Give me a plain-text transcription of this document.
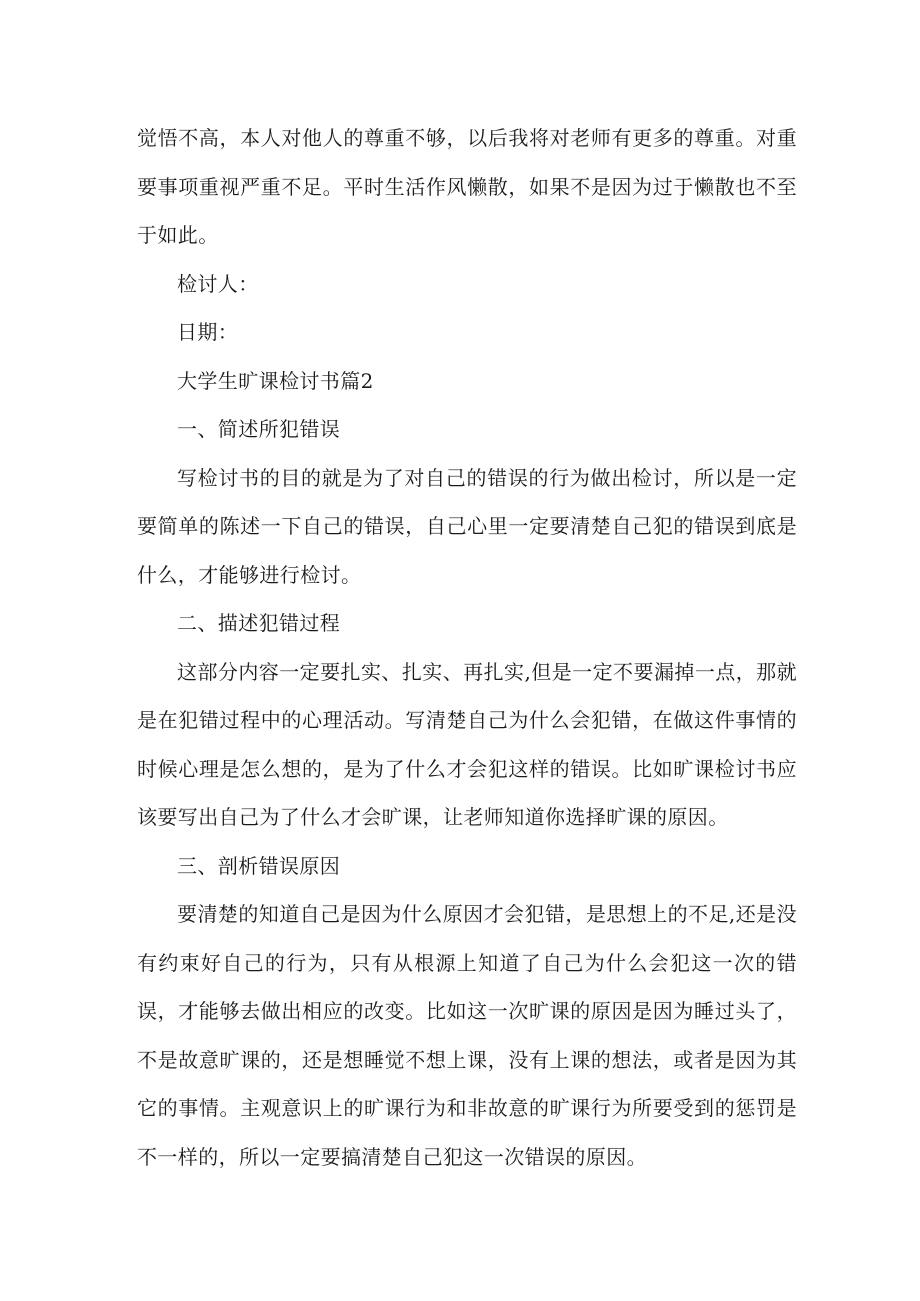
觉悟不高，本人对他人的尊重不够，以后我将对老师有更多的尊重。对重要事项重视严重不足。平时生活作风懒散，如果不是因为过于懒散也不至于如此。

检讨人：

日期：

大学生旷课检讨书篇2

一、简述所犯错误

写检讨书的目的就是为了对自己的错误的行为做出检讨，所以是一定要简单的陈述一下自己的错误，自己心里一定要清楚自己犯的错误到底是什么，才能够进行检讨。

二、描述犯错过程

这部分内容一定要扎实、扎实、再扎实,但是一定不要漏掉一点，那就是在犯错过程中的心理活动。写清楚自己为什么会犯错，在做这件事情的时候心理是怎么想的，是为了什么才会犯这样的错误。比如旷课检讨书应该要写出自己为了什么才会旷课，让老师知道你选择旷课的原因。

三、剖析错误原因

要清楚的知道自己是因为什么原因才会犯错，是思想上的不足,还是没有约束好自己的行为，只有从根源上知道了自己为什么会犯这一次的错误，才能够去做出相应的改变。比如这一次旷课的原因是因为睡过头了，不是故意旷课的，还是想睡觉不想上课，没有上课的想法，或者是因为其它的事情。主观意识上的旷课行为和非故意的旷课行为所要受到的惩罚是不一样的，所以一定要搞清楚自己犯这一次错误的原因。
